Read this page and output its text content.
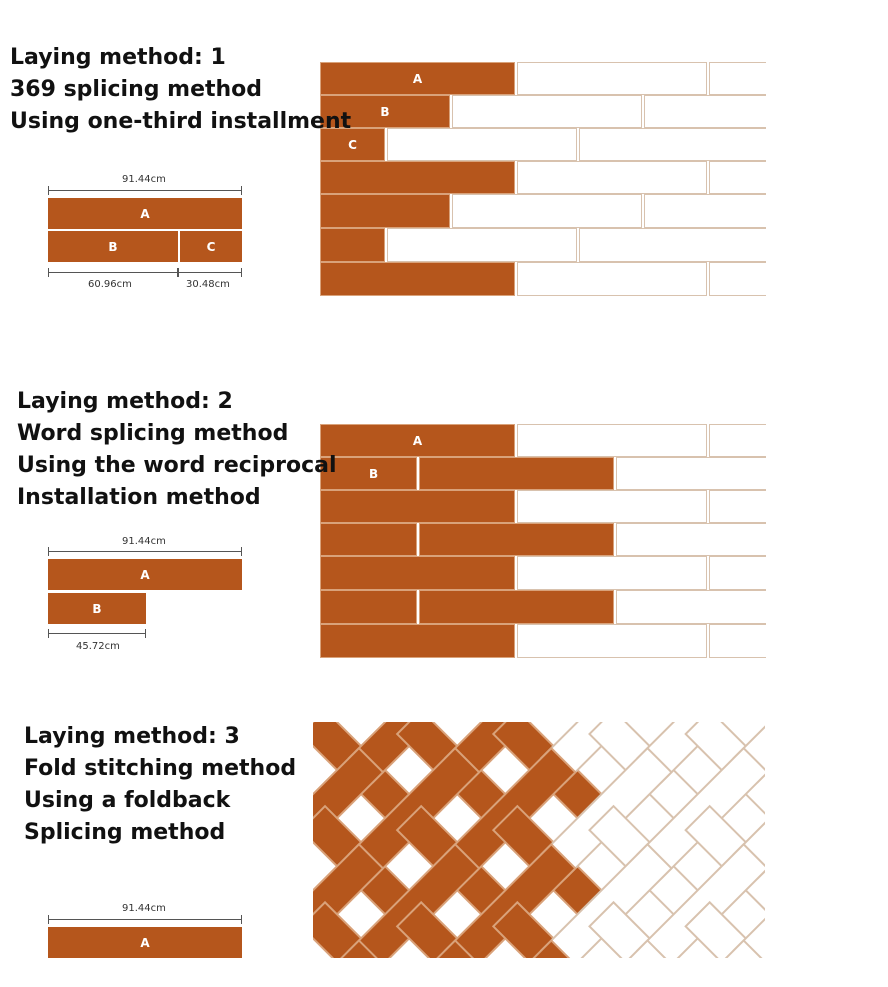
Laying method: 1
369 splicing method
Using one-third installment
91.44cm
A
B	C
60.96cm	30.48cm
A
B
C
Laying method: 2
Word splicing method
Using the word reciprocal
Installation method
91.44cm
A
B
45.72cm
A
B
Laying method: 3
Fold stitching method
Using a foldback
Splicing method
91.44cm
A
